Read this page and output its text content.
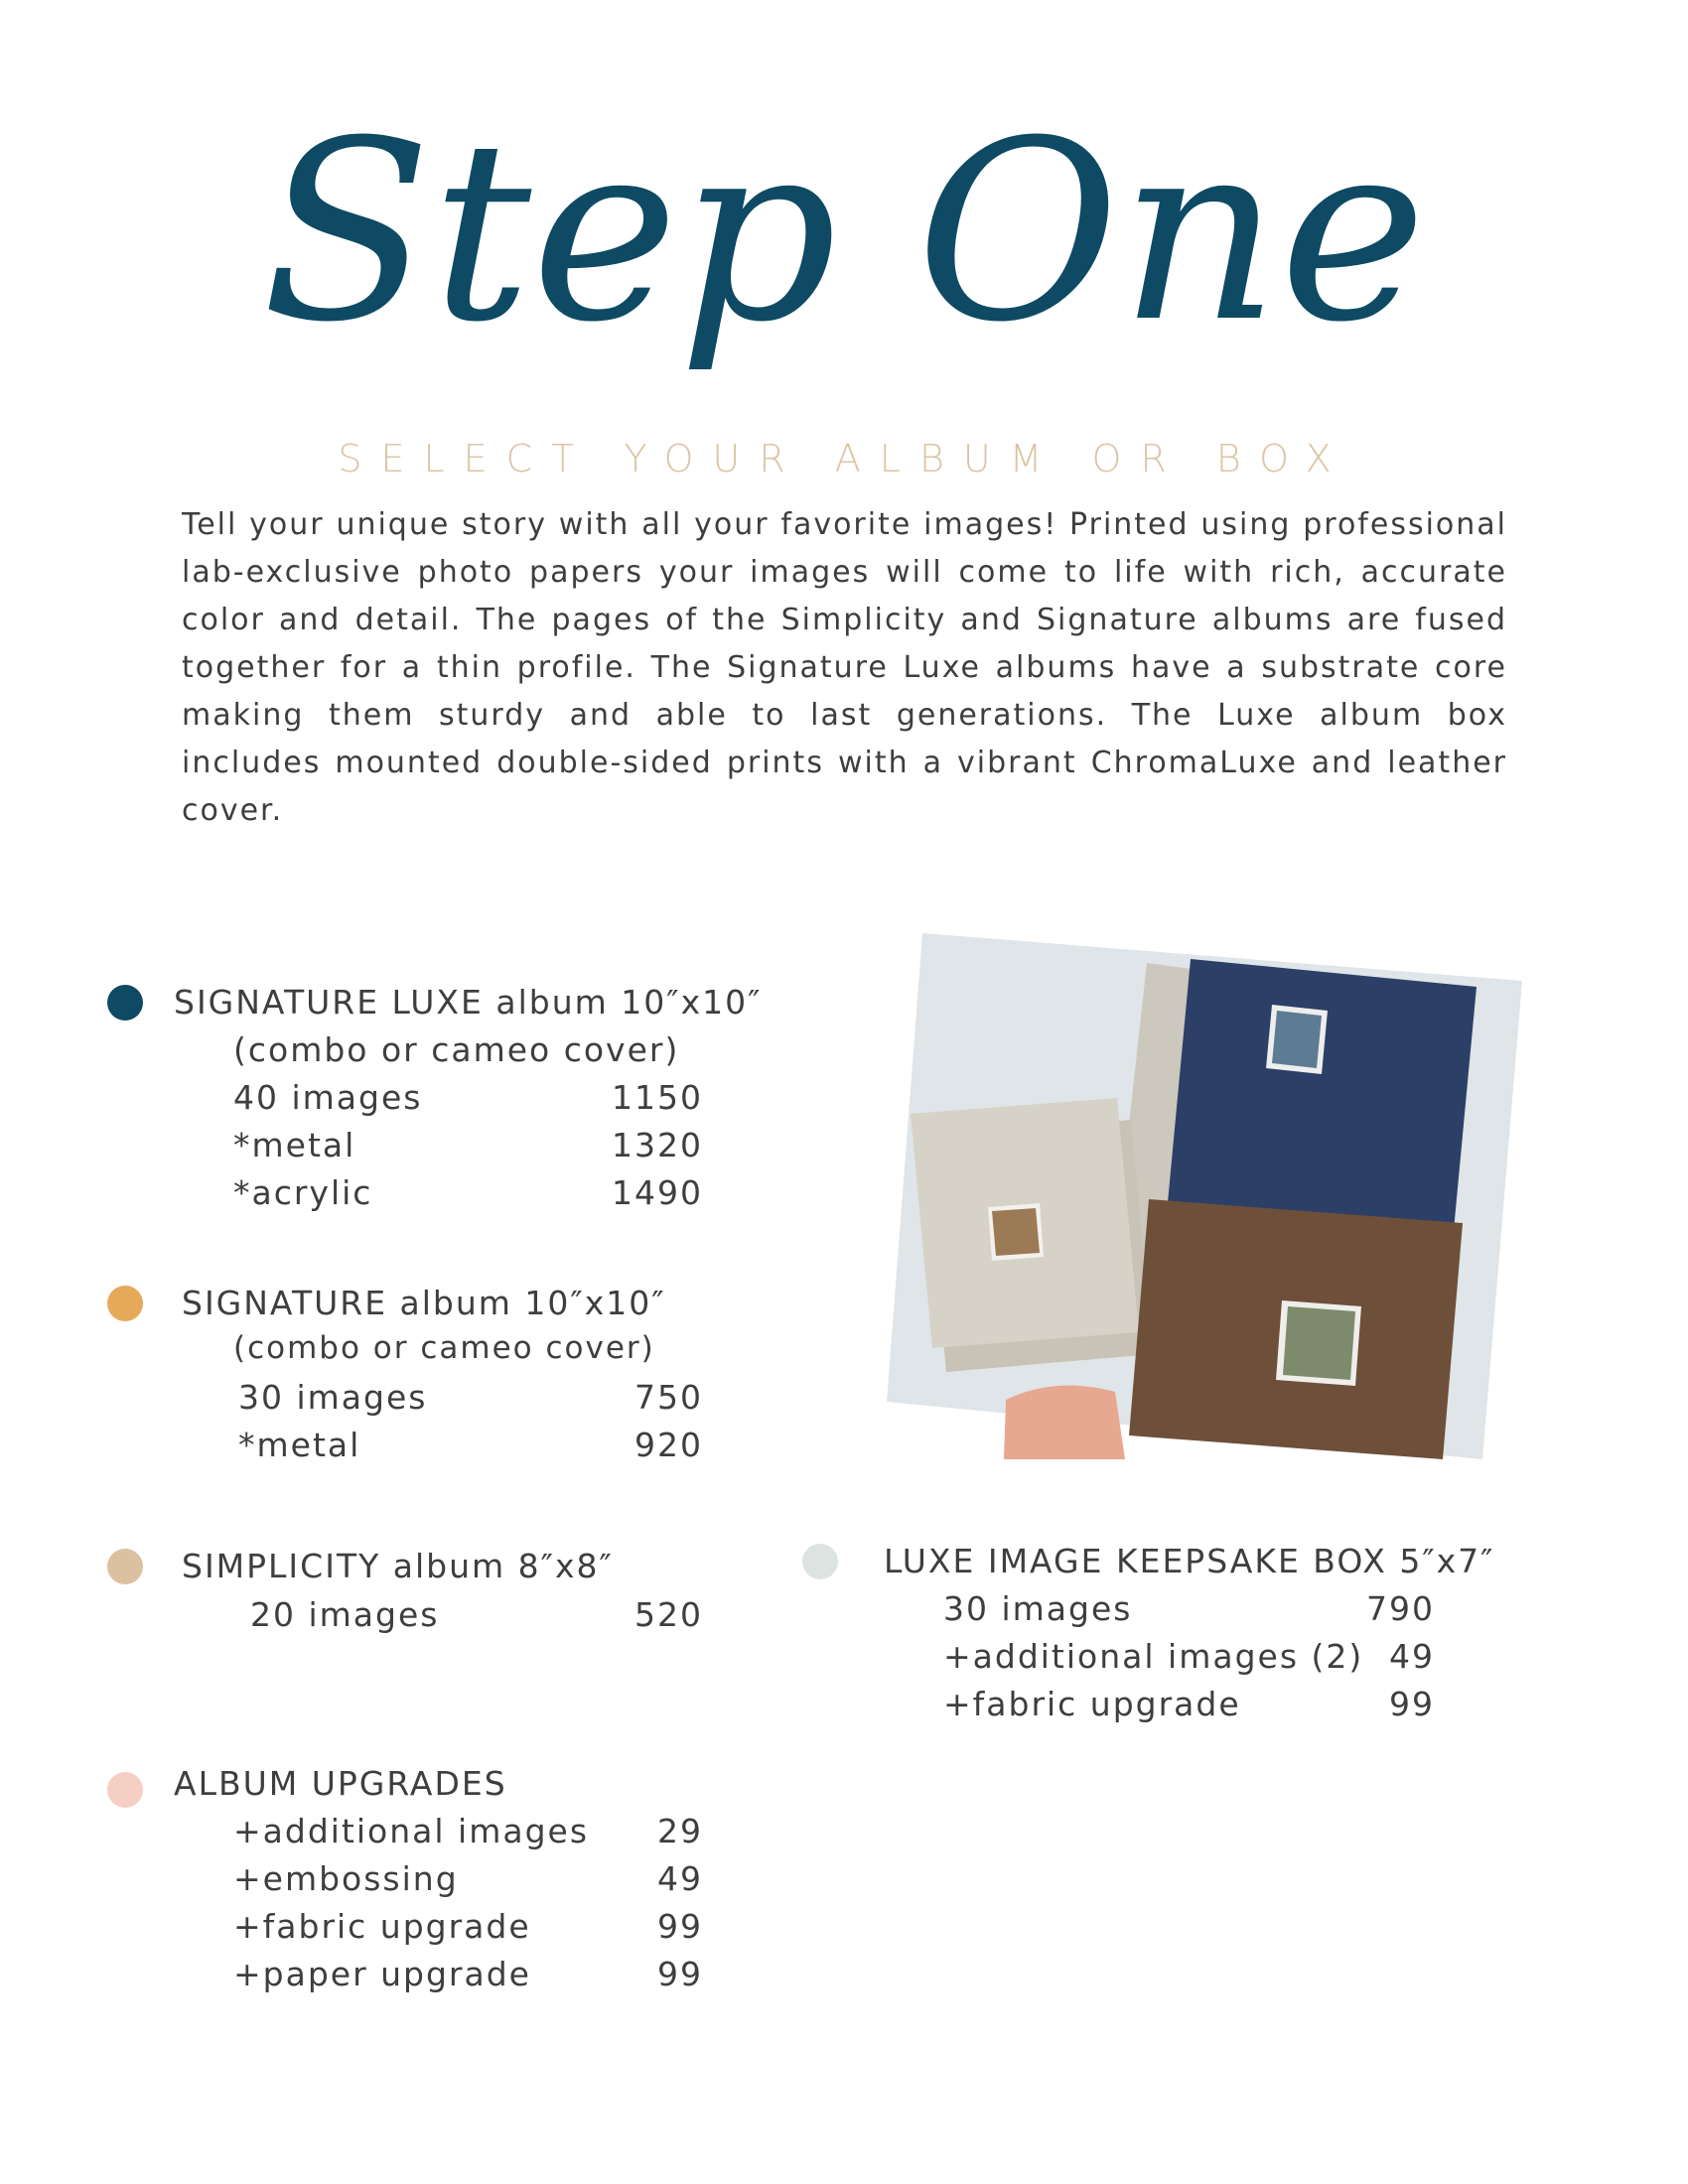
Step One
SELECT YOUR ALBUM OR BOX
Tell your unique story with all your favorite images! Printed using professional lab-exclusive photo papers your images will come to life with rich, accurate color and detail. The pages of the Simplicity and Signature albums are fused together for a thin profile. The Signature Luxe albums have a substrate core making them sturdy and able to last generations. The Luxe album box includes mounted double-sided prints with a vibrant ChromaLuxe and leather cover.
SIGNATURE LUXE album 10″x10″
(combo or cameo cover)
40 images	1150
*metal	1320
*acrylic	1490
SIGNATURE album 10″x10″
(combo or cameo cover)
30 images	750
*metal	920
SIMPLICITY album 8″x8″
20 images	520
ALBUM UPGRADES
+additional images	29
+embossing	49
+fabric upgrade	99
+paper upgrade	99
LUXE IMAGE KEEPSAKE BOX 5″x7″
30 images	790
+additional images (2) 49
+fabric upgrade	99
